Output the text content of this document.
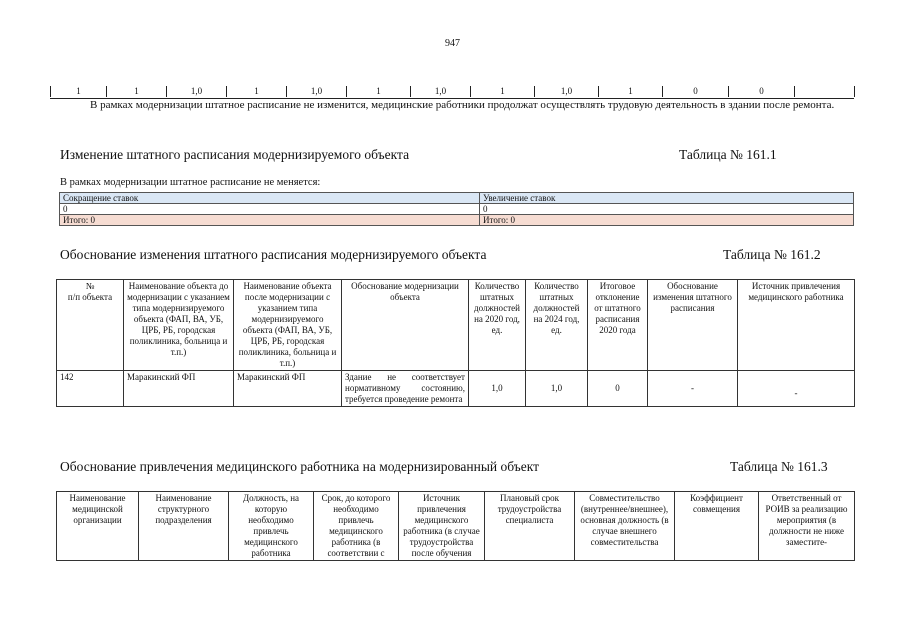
947
1	1	1,0	1	1,0	1	1,0	1	1,0	1	0	0	
В рамках модернизации штатное расписание не изменится, медицинские работники продолжат осуществлять трудовую деятельность в здании после ремонта.
Изменение штатного расписания модернизируемого объекта	Таблица № 161.1
В рамках модернизации штатное расписание не меняется:
Сокращение ставок	Увеличение ставок
0	0
Итого: 0	Итого: 0
Обоснование изменения штатного расписания модернизируемого объекта	Таблица № 161.2
№
п/п объекта	Наименование объекта до модернизации с указанием типа модернизируемого объекта (ФАП, ВА, УБ, ЦРБ, РБ, городская поликлиника, больница и т.п.)	Наименование объекта после модернизации с указанием типа модернизируемого объекта (ФАП, ВА, УБ, ЦРБ, РБ, городская поликлиника, больница и т.п.)	Обоснование модернизации объекта	Количество штатных должностей на 2020 год, ед.	Количество штатных должностей на 2024 год, ед.	Итоговое отклонение от штатного расписания 2020 года	Обоснование изменения штатного расписания	Источник привлечения медицинского работника
142	Маракинский ФП	Маракинский ФП	Здание не соответствует нормативному состоянию, требуется проведение ремонта	1,0	1,0	0	-	-
Обоснование привлечения медицинского работника на модернизированный объект	Таблица № 161.3
Наименование медицинской организации	Наименование структурного подразделения	Должность, на которую необходимо привлечь медицинского работника	Срок, до которого необходимо привлечь медицинского работника (в соответствии с	Источник привлечения медицинского работника (в случае трудоустройства после обучения	Плановый срок трудоустройства специалиста	Совместительство (внутреннее/внешнее), основная должность (в случае внешнего совместительства	Коэффициент совмещения	Ответственный от РОИВ за реализацию мероприятия (в должности не ниже заместите-
